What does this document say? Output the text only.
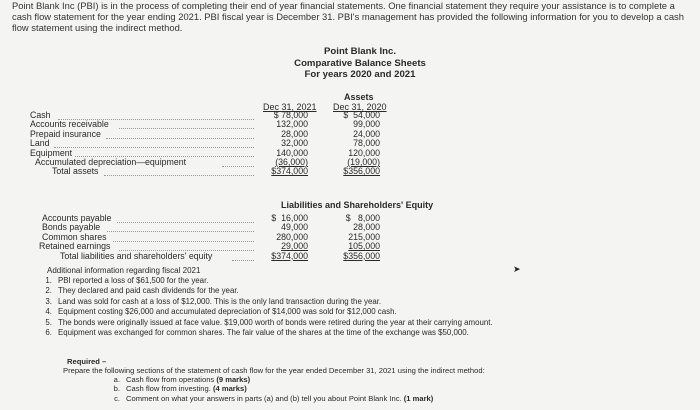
Point Blank Inc (PBI) is in the process of completing their end of year financial statements. One financial statement they require your assistance is to complete a cash flow statement for the year ending 2021. PBI fiscal year is December 31. PBI's management has provided the following information for you to develop a cash flow statement using the indirect method.
Point Blank Inc.
Comparative Balance Sheets
For years 2020 and 2021
Assets
Dec 31, 2021 Dec 31, 2020
Cash
Accounts receivable
Prepaid insurance
Land
Equipment
Accumulated depreciation—equipment
Total assets
$ 78,000
132,000
28,000
32,000
140,000
(36,000)
$374,000
$  54,000
99,000
24,000
78,000
120,000
(19,000)
$356,000
Liabilities and Shareholders' Equity
Accounts payable
Bonds payable
Common shares
Retained earnings
Total liabilities and shareholders' equity
$  16,000
49,000
280,000
29,000
$374,000
$   8,000
28,000
215,000
105,000
$356,000
➤
Additional information regarding fiscal 2021
1. PBI reported a loss of $61,500 for the year.
2. They declared and paid cash dividends for the year.
3. Land was sold for cash at a loss of $12,000. This is the only land transaction during the year.
4. Equipment costing $26,000 and accumulated depreciation of $14,000 was sold for $12,000 cash.
5. The bonds were originally issued at face value. $19,000 worth of bonds were retired during the year at their carrying amount.
6. Equipment was exchanged for common shares. The fair value of the shares at the time of the exchange was $50,000.
Required –
Prepare the following sections of the statement of cash flow for the year ended December 31, 2021 using the indirect method:
a. Cash flow from operations (9 marks)
b. Cash flow from investing. (4 marks)
c. Comment on what your answers in parts (a) and (b) tell you about Point Blank Inc. (1 mark)
